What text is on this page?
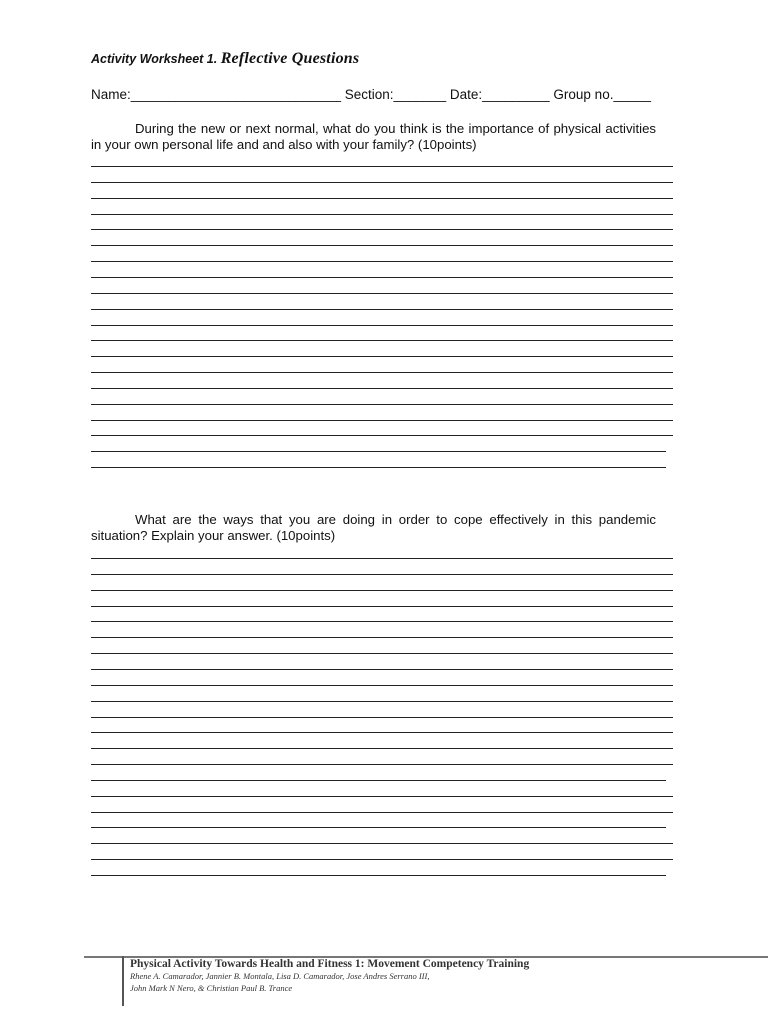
Activity Worksheet 1. Reflective Questions
Name:____________________________ Section:_______ Date:_________ Group no._____

During the new or next normal, what do you think is the importance of physical activities in your own personal life and and also with your family? (10points)

What are the ways that you are doing in order to cope effectively in this pandemic situation? Explain your answer. (10points)

Physical Activity Towards Health and Fitness 1: Movement Competency Training
Rhene A. Camarador, Jannier B. Montala, Lisa D. Camarador, Jose Andres Serrano III,
John Mark N Nero, & Christian Paul B. Trance
